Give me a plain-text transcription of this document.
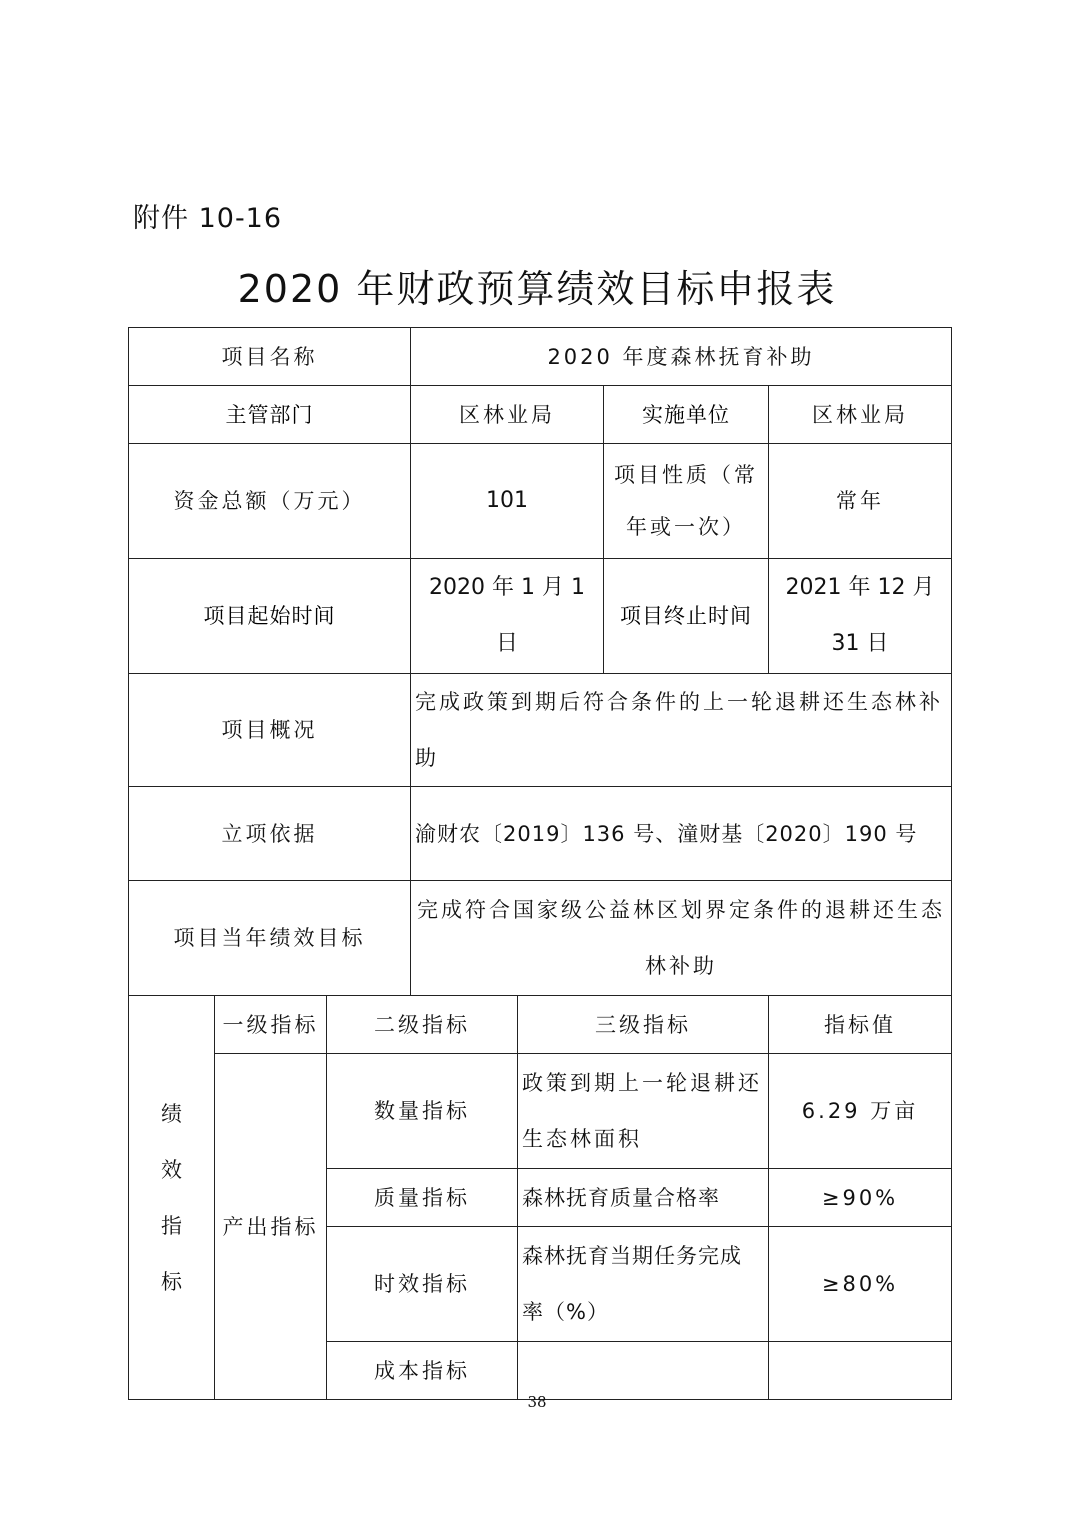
附件 10-16
2020 年财政预算绩效目标申报表
项目名称			2020 年度森林抚育补助			
主管部门			区林业局		实施单位	区林业局
资金总额（万元）			101		项目性质（常年或一次）	常年
项目起始时间			2020 年 1 月 1 日		项目终止时间	2021 年 12 月 31 日
项目概况			完成政策到期后符合条件的上一轮退耕还生态林补助			
立项依据			渝财农〔2019〕136 号、潼财基〔2020〕190 号			
项目当年绩效目标			完成符合国家级公益林区划界定条件的退耕还生态林补助			

绩
效
指
标	一级指标	二级指标		三级指标		指标值
	产出指标	数量指标		政策到期上一轮退耕还生态林面积		6.29 万亩
		质量指标		森林抚育质量合格率		≥90%
		时效指标		森林抚育当期任务完成率（%）		≥80%
		成本指标				
38
